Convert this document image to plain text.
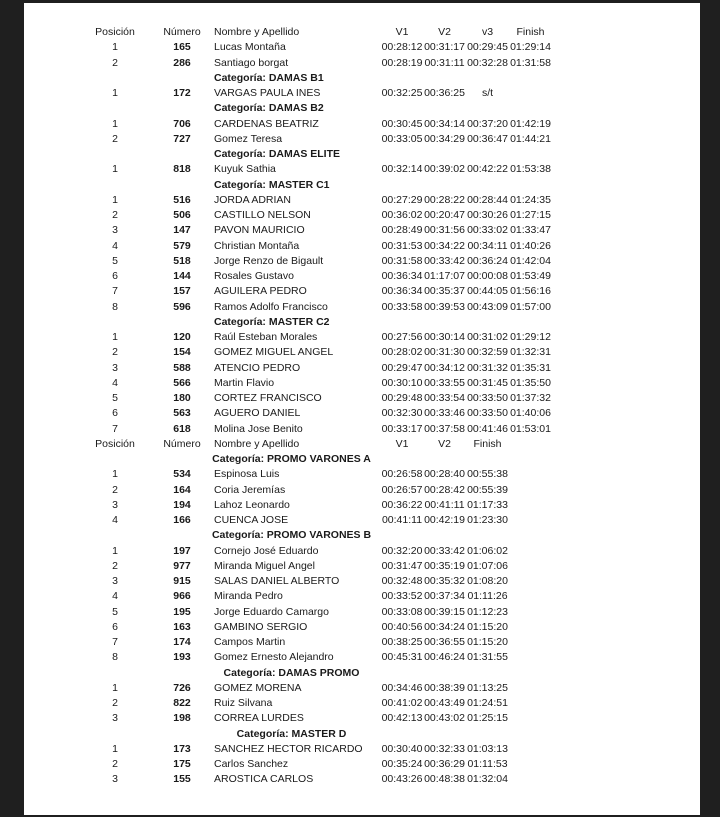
Posición	Número	Nombre y Apellido	V1	V2	v3	Finish
1	165	Lucas Montaña	00:28:12	00:31:17	00:29:45	01:29:14
2	286	Santiago borgat	00:28:19	00:31:11	00:32:28	01:31:58
		Categoría: DAMAS B1				
1	172	VARGAS PAULA INES	00:32:25	00:36:25	s/t	
		Categoría: DAMAS B2				
1	706	CARDENAS BEATRIZ	00:30:45	00:34:14	00:37:20	01:42:19
2	727	Gomez Teresa	00:33:05	00:34:29	00:36:47	01:44:21
		Categoría: DAMAS ELITE				
1	818	Kuyuk Sathia	00:32:14	00:39:02	00:42:22	01:53:38
		Categoría: MASTER C1				
1	516	JORDA ADRIAN	00:27:29	00:28:22	00:28:44	01:24:35
2	506	CASTILLO NELSON	00:36:02	00:20:47	00:30:26	01:27:15
3	147	PAVON MAURICIO	00:28:49	00:31:56	00:33:02	01:33:47
4	579	Christian Montaña	00:31:53	00:34:22	00:34:11	01:40:26
5	518	Jorge Renzo de Bigault	00:31:58	00:33:42	00:36:24	01:42:04
6	144	Rosales Gustavo	00:36:34	01:17:07	00:00:08	01:53:49
7	157	AGUILERA PEDRO	00:36:34	00:35:37	00:44:05	01:56:16
8	596	Ramos Adolfo Francisco	00:33:58	00:39:53	00:43:09	01:57:00
		Categoría: MASTER C2				
1	120	Raúl Esteban Morales	00:27:56	00:30:14	00:31:02	01:29:12
2	154	GOMEZ MIGUEL ANGEL	00:28:02	00:31:30	00:32:59	01:32:31
3	588	ATENCIO PEDRO	00:29:47	00:34:12	00:31:32	01:35:31
4	566	Martin Flavio	00:30:10	00:33:55	00:31:45	01:35:50
5	180	CORTEZ FRANCISCO	00:29:48	00:33:54	00:33:50	01:37:32
6	563	AGUERO DANIEL	00:32:30	00:33:46	00:33:50	01:40:06
7	618	Molina Jose Benito	00:33:17	00:37:58	00:41:46	01:53:01
Posición	Número	Nombre y Apellido	V1	V2	Finish	
		Categoría: PROMO VARONES A				
1	534	Espinosa Luis	00:26:58	00:28:40	00:55:38	
2	164	Coria Jeremías	00:26:57	00:28:42	00:55:39	
3	194	Lahoz Leonardo	00:36:22	00:41:11	01:17:33	
4	166	CUENCA JOSE	00:41:11	00:42:19	01:23:30	
		Categoría: PROMO VARONES B				
1	197	Cornejo José Eduardo	00:32:20	00:33:42	01:06:02	
2	977	Miranda Miguel Angel	00:31:47	00:35:19	01:07:06	
3	915	SALAS DANIEL ALBERTO	00:32:48	00:35:32	01:08:20	
4	966	Miranda Pedro	00:33:52	00:37:34	01:11:26	
5	195	Jorge Eduardo Camargo	00:33:08	00:39:15	01:12:23	
6	163	GAMBINO SERGIO	00:40:56	00:34:24	01:15:20	
7	174	Campos Martin	00:38:25	00:36:55	01:15:20	
8	193	Gomez Ernesto Alejandro	00:45:31	00:46:24	01:31:55	
		Categoría: DAMAS PROMO				
1	726	GOMEZ MORENA	00:34:46	00:38:39	01:13:25	
2	822	Ruiz Silvana	00:41:02	00:43:49	01:24:51	
3	198	CORREA LURDES	00:42:13	00:43:02	01:25:15	
		Categoría: MASTER D				
1	173	SANCHEZ HECTOR RICARDO	00:30:40	00:32:33	01:03:13	
2	175	Carlos Sanchez	00:35:24	00:36:29	01:11:53	
3	155	AROSTICA CARLOS	00:43:26	00:48:38	01:32:04	
